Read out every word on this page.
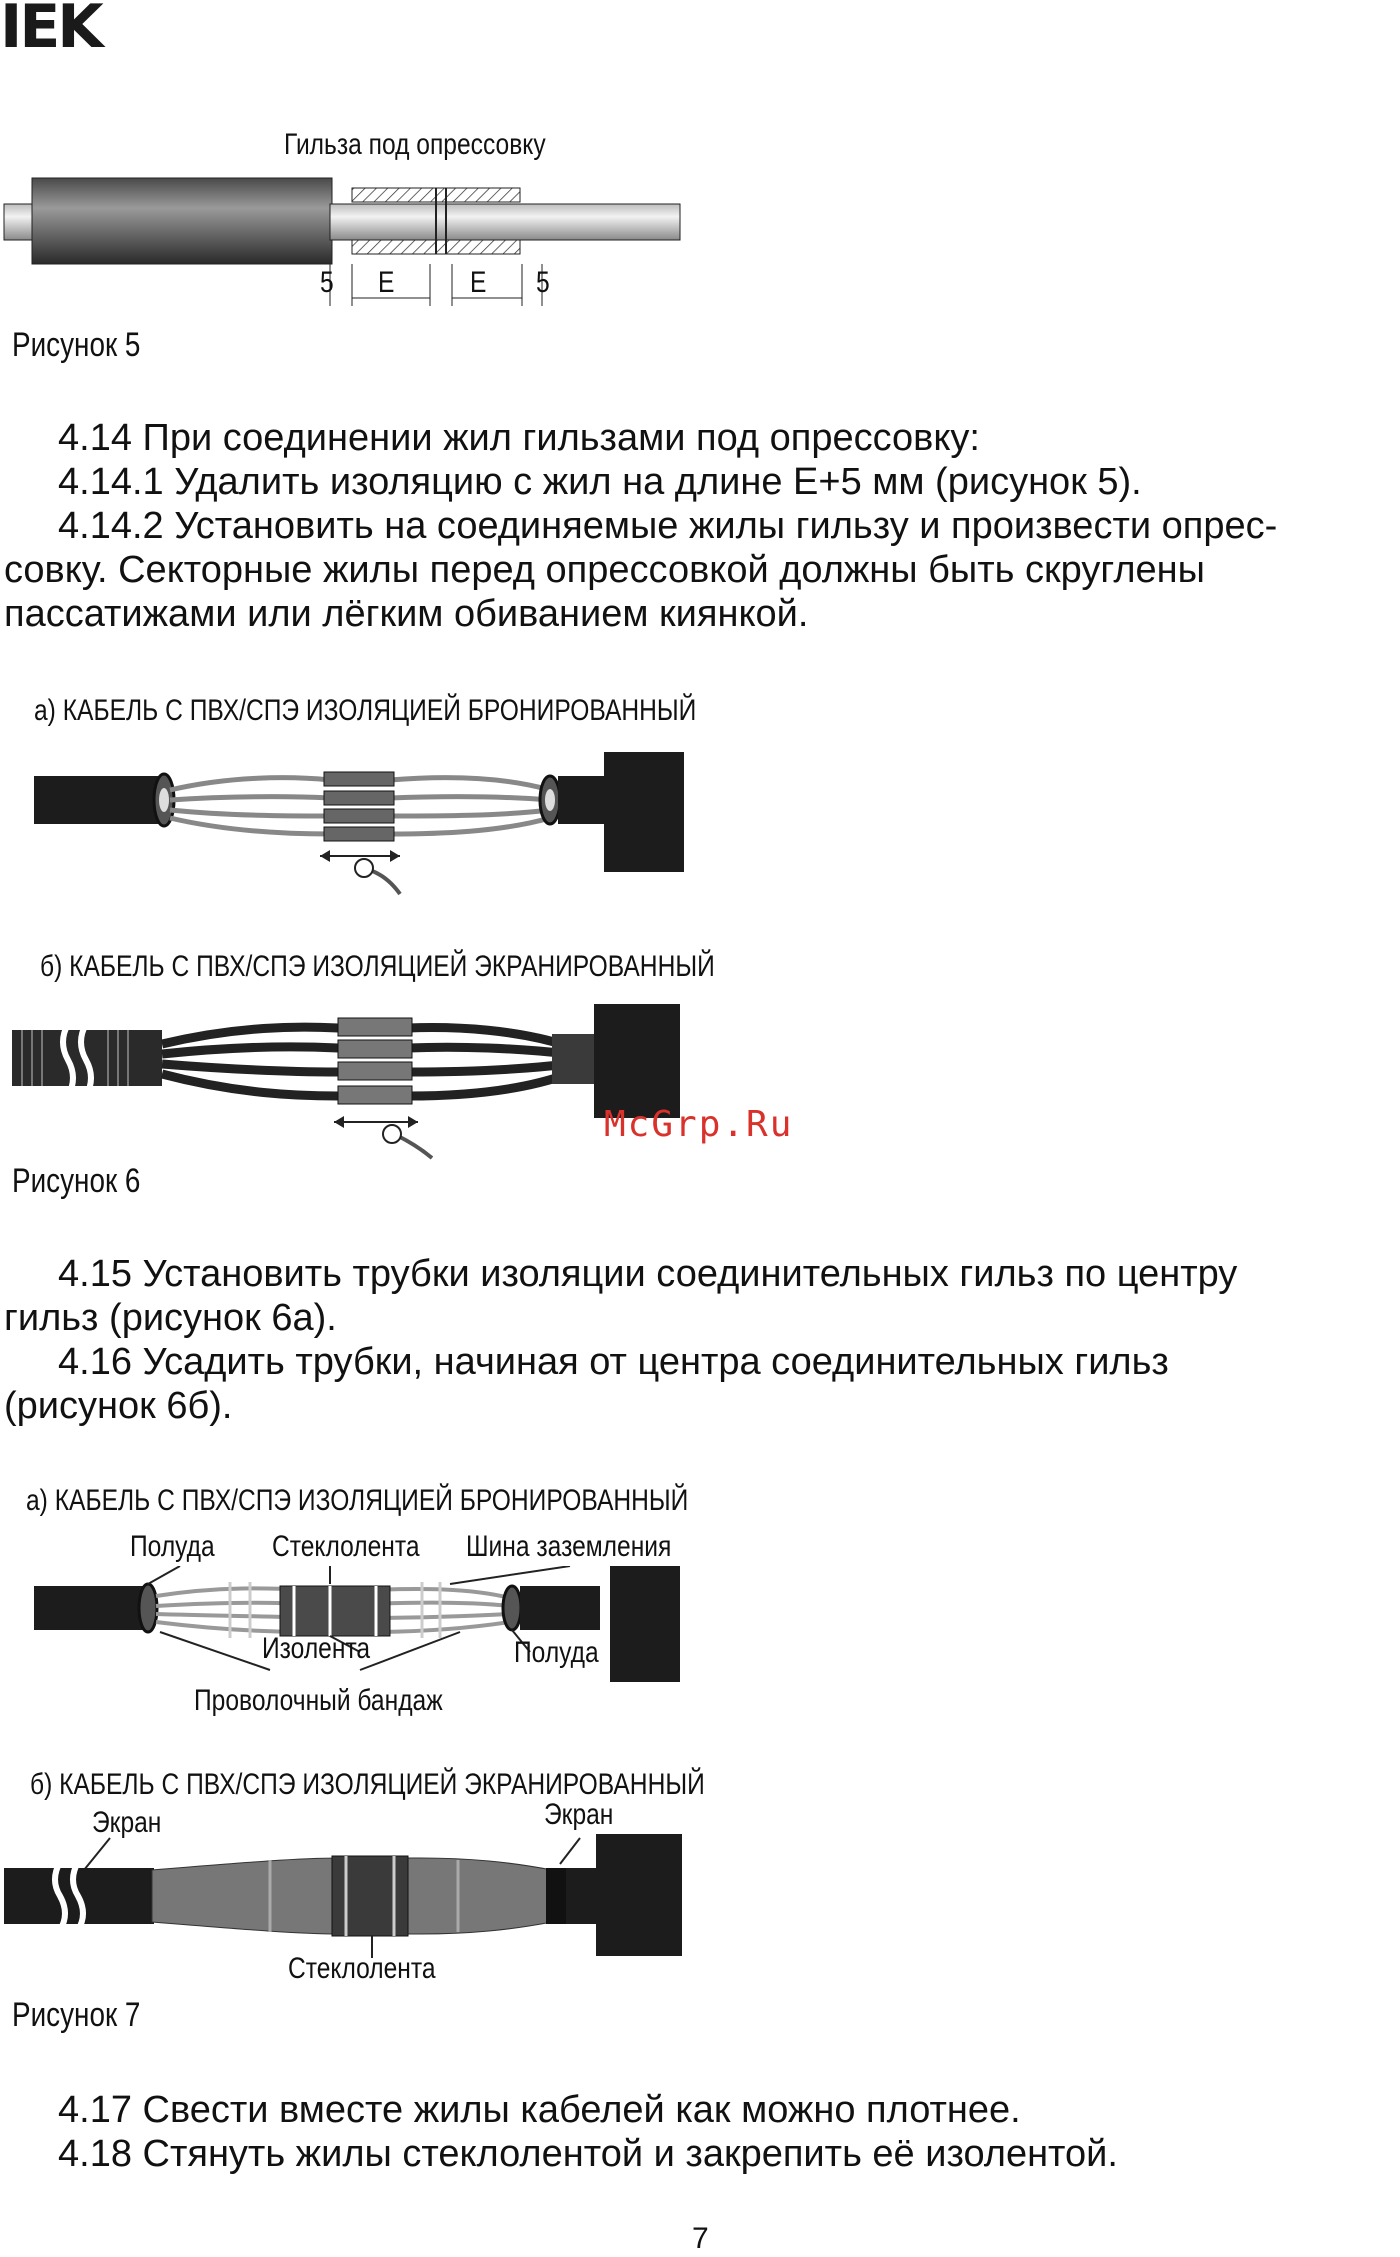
IEK
Гильза под опрессовку
5 E	E 5
Рисунок 5

4.14 При соединении жил гильзами под опрессовку:

4.14.1 Удалить изоляцию с жил на длине E+5 мм (рисунок 5).

4.14.2 Установить на соединяемые жилы гильзу и произвести опрес-

совку. Секторные жилы перед опрессовкой должны быть скруглены

пассатижами или лёгким обиванием киянкой.

а) КАБЕЛЬ С ПВХ/СПЭ ИЗОЛЯЦИЕЙ БРОНИРОВАННЫЙ
б) КАБЕЛЬ С ПВХ/СПЭ ИЗОЛЯЦИЕЙ ЭКРАНИРОВАННЫЙ
McGrp.Ru
Рисунок 6

4.15 Установить трубки изоляции соединительных гильз по центру

гильз (рисунок 6а).

4.16 Усадить трубки, начиная от центра соединительных гильз

(рисунок 6б).

а) КАБЕЛЬ С ПВХ/СПЭ ИЗОЛЯЦИЕЙ БРОНИРОВАННЫЙ
Полуда Стеклолента Шина заземления
Изолента	Полуда
Проволочный бандаж
б) КАБЕЛЬ С ПВХ/СПЭ ИЗОЛЯЦИЕЙ ЭКРАНИРОВАННЫЙ
Экран	Экран
Стеклолента
Рисунок 7

4.17 Свести вместе жилы кабелей как можно плотнее.

4.18 Стянуть жилы стеклолентой и закрепить её изолентой.

7
